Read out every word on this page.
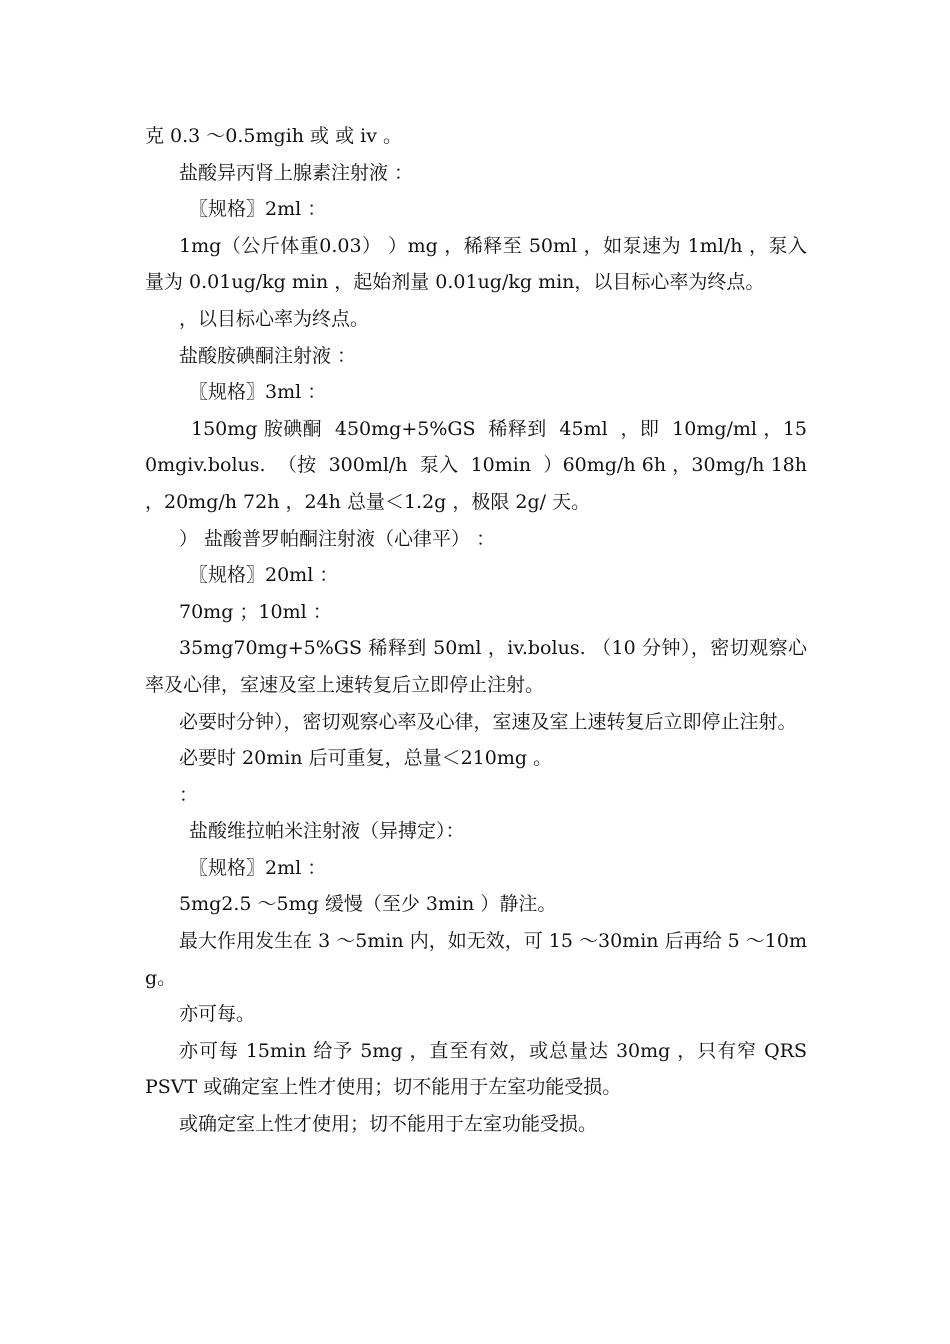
克 0.3 ～0.5mgih 或 或 iv 。

盐酸异丙肾上腺素注射液 ：

〖规格〗2ml ：

1mg（公斤体重0.03） ）mg ，稀释至 50ml ，如泵速为 1ml/h ，泵入量为 0.01ug/kg min ，起始剂量 0.01ug/kg min，以目标心率为终点。

，以目标心率为终点。

盐酸胺碘酮注射液 ：

〖规格〗3ml ：

150mg 胺碘酮  450mg+5%GS  稀释到  45ml  ，即  10mg/ml ，150mgiv.bolus.  （按  300ml/h  泵入  10min  ）60mg/h 6h ，30mg/h 18h ，20mg/h 72h ，24h 总量＜1.2g ，极限 2g/ 天。

） 盐酸普罗帕酮注射液（心律平） ：

〖规格〗20ml ：

70mg ；10ml ：

35mg70mg+5%GS 稀释到 50ml ，iv.bolus. （10 分钟），密切观察心率及心律，室速及室上速转复后立即停止注射。

必要时分钟），密切观察心率及心律，室速及室上速转复后立即停止注射。

必要时 20min 后可重复，总量＜210mg 。

：

盐酸维拉帕米注射液（异搏定）：

〖规格〗2ml ：

5mg2.5 ～5mg 缓慢（至少 3min ）静注。

最大作用发生在 3 ～5min 内，如无效，可 15 ～30min 后再给 5 ～10mg。

亦可每。

亦可每 15min 给予 5mg ，直至有效，或总量达 30mg ，只有窄 QRS  PSVT 或确定室上性才使用；切不能用于左室功能受损。

或确定室上性才使用；切不能用于左室功能受损。
